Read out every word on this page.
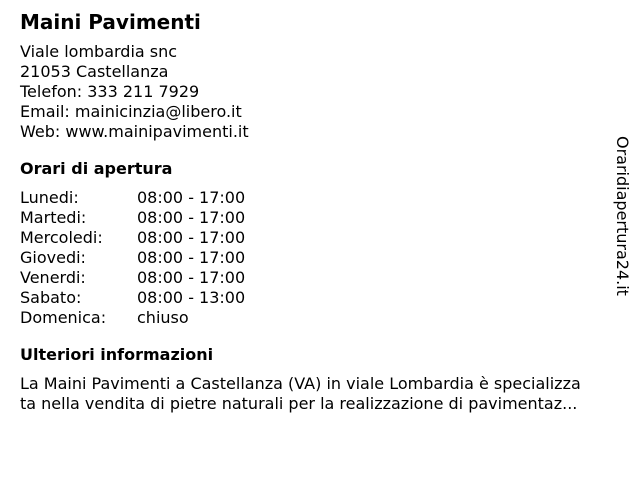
Maini Pavimenti
Viale lombardia snc
21053 Castellanza
Telefon: 333 211 7929
Email: mainicinzia@libero.it
Web: www.mainipavimenti.it
Orari di apertura
Lunedi:	08:00 - 17:00
Martedi:	08:00 - 17:00
Mercoledi:	08:00 - 17:00
Giovedi:	08:00 - 17:00
Venerdi:	08:00 - 17:00
Sabato:	08:00 - 13:00
Domenica:	chiuso
Ulteriori informazioni
La Maini Pavimenti a Castellanza (VA) in viale Lombardia è specializza
ta nella vendita di pietre naturali per la realizzazione di pavimentaz...
Oraridiapertura24.it
